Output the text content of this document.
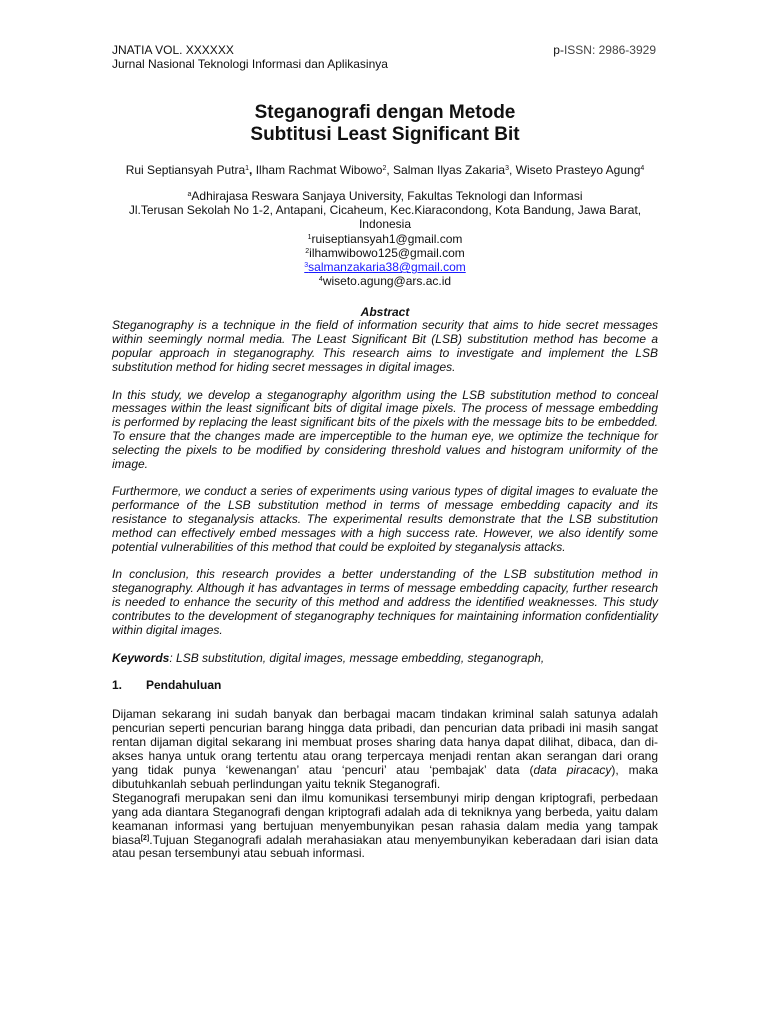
JNATIA VOL. XXXXXX
Jurnal Nasional Teknologi Informasi dan Aplikasinya
p-ISSN: 2986-3929
Steganografi dengan Metode
Subtitusi Least Significant Bit
Rui Septiansyah Putra$^1$, Ilham Rachmat Wibowo$^2$, Salman Ilyas Zakaria$^3$, Wiseto Prasteyo Agung$^4$
$^a$Adhirajasa Reswara Sanjaya University, Fakultas Teknologi dan Informasi
Jl.Terusan Sekolah No 1-2, Antapani, Cicaheum, Kec.Kiaracondong, Kota Bandung, Jawa Barat, Indonesia
$^1$ruiseptiansyah1@gmail.com
$^2$ilhamwibowo125@gmail.com
$^3$salmanzakaria38@gmail.com
$^4$wiseto.agung@ars.ac.id
Abstract

Steganography is a technique in the field of information security that aims to hide secret messages within seemingly normal media. The Least Significant Bit (LSB) substitution method has become a popular approach in steganography. This research aims to investigate and implement the LSB substitution method for hiding secret messages in digital images.

In this study, we develop a steganography algorithm using the LSB substitution method to conceal messages within the least significant bits of digital image pixels. The process of message embedding is performed by replacing the least significant bits of the pixels with the message bits to be embedded. To ensure that the changes made are imperceptible to the human eye, we optimize the technique for selecting the pixels to be modified by considering threshold values and histogram uniformity of the image.

Furthermore, we conduct a series of experiments using various types of digital images to evaluate the performance of the LSB substitution method in terms of message embedding capacity and its resistance to steganalysis attacks. The experimental results demonstrate that the LSB substitution method can effectively embed messages with a high success rate. However, we also identify some potential vulnerabilities of this method that could be exploited by steganalysis attacks.

In conclusion, this research provides a better understanding of the LSB substitution method in steganography. Although it has advantages in terms of message embedding capacity, further research is needed to enhance the security of this method and address the identified weaknesses. This study contributes to the development of steganography techniques for maintaining information confidentiality within digital images.

Keywords: LSB substitution, digital images, message embedding, steganograph,
1. Pendahuluan

Dijaman sekarang ini sudah banyak dan berbagai macam tindakan kriminal salah satunya adalah pencurian seperti pencurian barang hingga data pribadi, dan pencurian data pribadi ini masih sangat rentan dijaman digital sekarang ini membuat proses sharing data hanya dapat dilihat, dibaca, dan di-akses hanya untuk orang tertentu atau orang terpercaya menjadi rentan akan serangan dari orang yang tidak punya ‘kewenangan’ atau ‘pencuri’ atau ‘pembajak’ data (data piracacy), maka dibutuhkanlah sebuah perlindungan yaitu teknik Steganografi.

Steganografi merupakan seni dan ilmu komunikasi tersembunyi mirip dengan kriptografi, perbedaan yang ada diantara Steganografi dengan kriptografi adalah ada di tekniknya yang berbeda, yaitu dalam keamanan informasi yang bertujuan menyembunyikan pesan rahasia dalam media yang tampak biasa[2].Tujuan Steganografi adalah merahasiakan atau menyembunyikan keberadaan dari isian data atau pesan tersembunyi atau sebuah informasi.
